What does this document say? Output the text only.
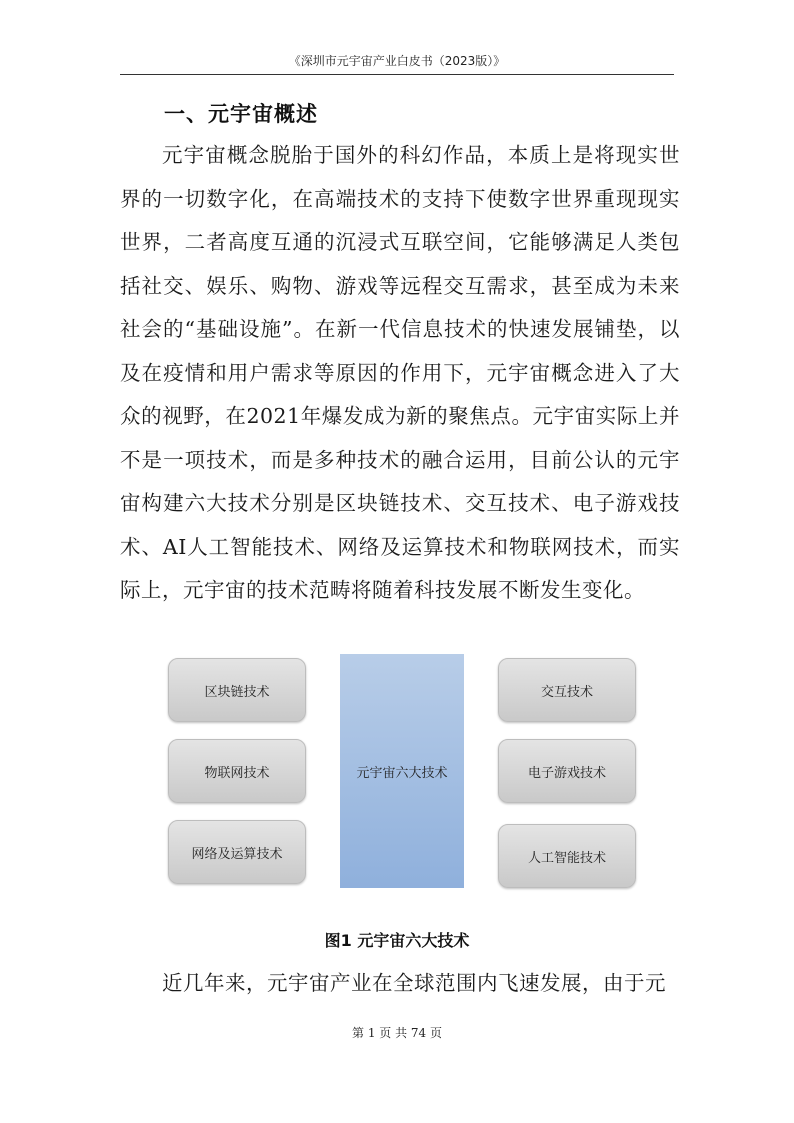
《深圳市元宇宙产业白皮书（2023版）》
一、元宇宙概述

元宇宙概念脱胎于国外的科幻作品，本质上是将现实世界的一切数字化，在高端技术的支持下使数字世界重现现实世界，二者高度互通的沉浸式互联空间，它能够满足人类包括社交、娱乐、购物、游戏等远程交互需求，甚至成为未来社会的“基础设施”。在新一代信息技术的快速发展铺垫，以及在疫情和用户需求等原因的作用下，元宇宙概念进入了大众的视野，在2021年爆发成为新的聚焦点。元宇宙实际上并不是一项技术，而是多种技术的融合运用，目前公认的元宇宙构建六大技术分别是区块链技术、交互技术、电子游戏技术、AI人工智能技术、网络及运算技术和物联网技术，而实际上，元宇宙的技术范畴将随着科技发展不断发生变化。

区块链技术
物联网技术
网络及运算技术
元宇宙六大技术
交互技术
电子游戏技术
人工智能技术
图1 元宇宙六大技术

近几年来，元宇宙产业在全球范围内飞速发展，由于元

第 1 页 共 74 页
